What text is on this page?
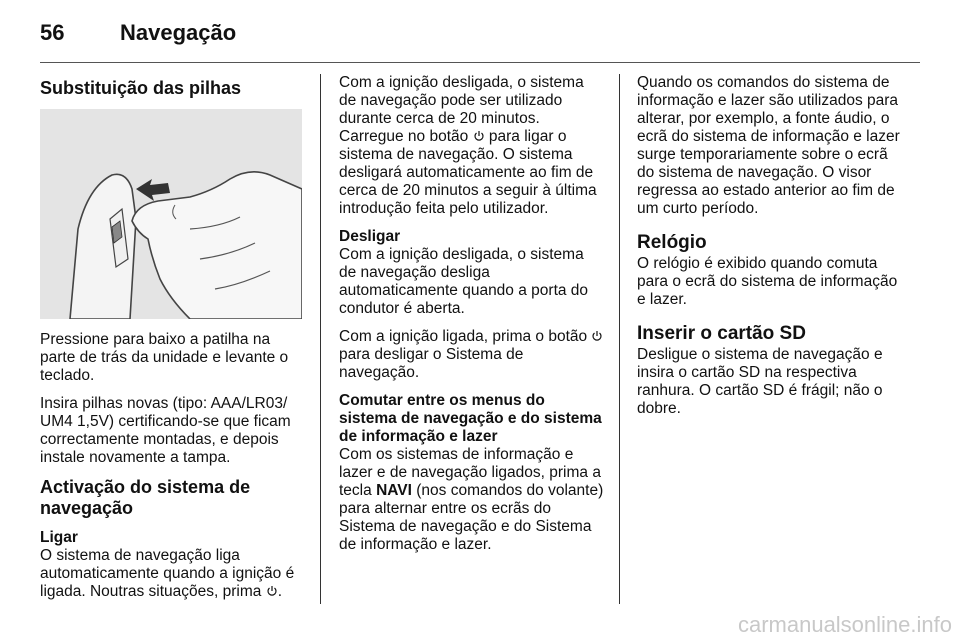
56	Navegação
Substituição das pilhas
Pressione para baixo a patilha na parte de trás da unidade e levante o teclado.
Insira pilhas novas (tipo: AAA/LR03/ UM4 1,5V) certificando-se que ficam correctamente montadas, e depois instale novamente a tampa.
Activação do sistema de navegação
Ligar
O sistema de navegação liga automaticamente quando a ignição é ligada. Noutras situações, prima .
Com a ignição desligada, o sistema de navegação pode ser utilizado durante cerca de 20 minutos. Carregue no botão para ligar o sistema de navegação. O sistema desligará automaticamente ao fim de cerca de 20 minutos a seguir à última introdução feita pelo utilizador.
Desligar
Com a ignição desligada, o sistema de navegação desliga automaticamente quando a porta do condutor é aberta.
Com a ignição ligada, prima o botão  para desligar o Sistema de navegação.
Comutar entre os menus do sistema de navegação e do sistema de informação e lazer
Com os sistemas de informação e lazer e de navegação ligados, prima a tecla NAVI (nos comandos do volante) para alternar entre os ecrãs do Sistema de navegação e do Sistema de informação e lazer.
Quando os comandos do sistema de informação e lazer são utilizados para alterar, por exemplo, a fonte áudio, o ecrã do sistema de informação e lazer surge temporariamente sobre o ecrã do sistema de navegação. O visor regressa ao estado anterior ao fim de um curto período.
Relógio
O relógio é exibido quando comuta para o ecrã do sistema de informação e lazer.
Inserir o cartão SD
Desligue o sistema de navegação e insira o cartão SD na respectiva ranhura. O cartão SD é frágil; não o dobre.
carmanualsonline.info
